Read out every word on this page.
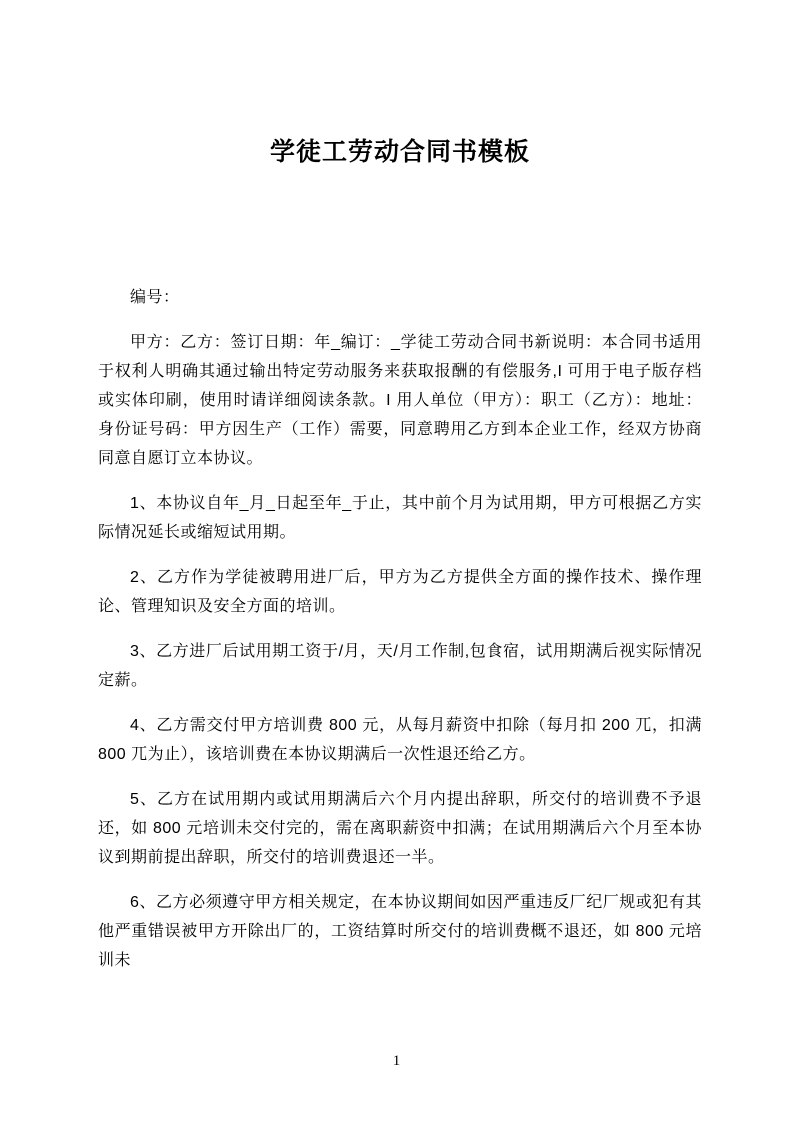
学徒工劳动合同书模板

编号：

甲方：乙方：签订日期：年_编订：_学徒工劳动合同书新说明：本合同书适用于权利人明确其通过输出特定劳动服务来获取报酬的有偿服务,I 可用于电子版存档或实体印刷，使用时请详细阅读条款。I 用人单位（甲方）：职工（乙方）：地址：身份证号码：甲方因生产（工作）需要，同意聘用乙方到本企业工作，经双方协商同意自愿订立本协议。

1、本协议自年_月_日起至年_于止，其中前个月为试用期，甲方可根据乙方实际情况延长或缩短试用期。

2、乙方作为学徒被聘用进厂后，甲方为乙方提供全方面的操作技术、操作理论、管理知识及安全方面的培训。

3、乙方进厂后试用期工资于/月，天/月工作制,包食宿，试用期满后视实际情况定薪。

4、乙方需交付甲方培训费 800 元，从每月薪资中扣除（每月扣 200 兀，扣满 800 兀为止），该培训费在本协议期满后一次性退还给乙方。

5、乙方在试用期内或试用期满后六个月内提出辞职，所交付的培训费不予退还，如 800 元培训未交付完的，需在离职薪资中扣满；在试用期满后六个月至本协议到期前提出辞职，所交付的培训费退还一半。

6、乙方必须遵守甲方相关规定，在本协议期间如因严重违反厂纪厂规或犯有其他严重错误被甲方开除出厂的，工资结算时所交付的培训费概不退还，如 800 元培训未

1
